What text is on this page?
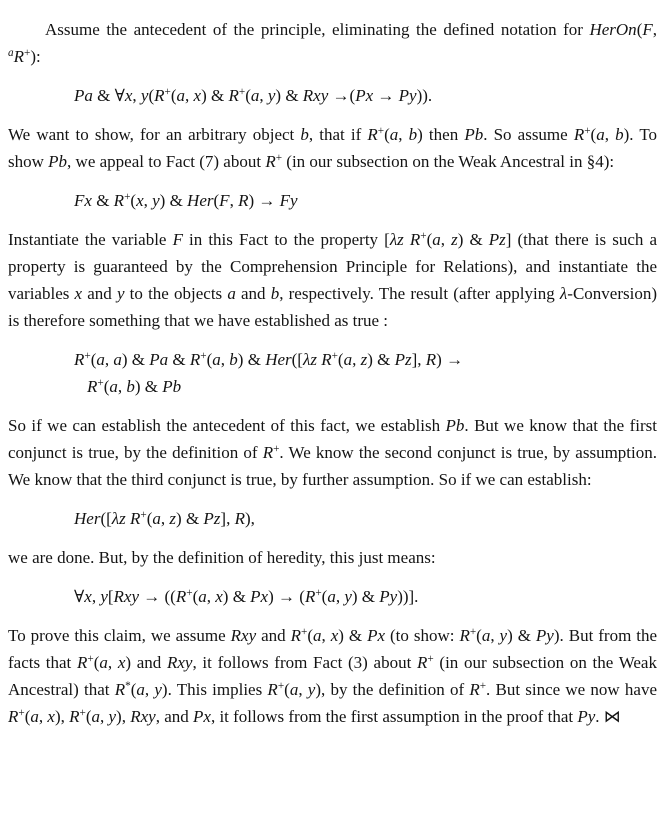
Assume the antecedent of the principle, eliminating the defined notation for HerOn(F, $^a$R+):

Pa & ∀x, y(R+(a, x) & R+(a, y) & Rxy →(Px → Py)).

We want to show, for an arbitrary object b, that if R+(a, b) then Pb. So assume R+(a, b). To show Pb, we appeal to Fact (7) about R+ (in our subsection on the Weak Ancestral in §4):

Fx & R+(x, y) & Her(F, R) → Fy

Instantiate the variable F in this Fact to the property [λz R+(a, z) & Pz] (that there is such a property is guaranteed by the Comprehension Principle for Relations), and instantiate the variables x and y to the objects a and b, respectively. The result (after applying λ-Conversion) is therefore something that we have established as true :

R+(a, a) & Pa & R+(a, b) & Her([λz R+(a, z) & Pz], R) →
R+(a, b) & Pb

So if we can establish the antecedent of this fact, we establish Pb. But we know that the first conjunct is true, by the definition of R+. We know the second conjunct is true, by assumption. We know that the third conjunct is true, by further assumption. So if we can establish:

Her([λz R+(a, z) & Pz], R),

we are done. But, by the definition of heredity, this just means:

∀x, y[Rxy → ((R+(a, x) & Px) → (R+(a, y) & Py))].

To prove this claim, we assume Rxy and R+(a, x) & Px (to show: R+(a, y) & Py). But from the facts that R+(a, x) and Rxy, it follows from Fact (3) about R+ (in our subsection on the Weak Ancestral) that R*(a, y). This implies R+(a, y), by the definition of R+. But since we now have R+(a, x), R+(a, y), Rxy, and Px, it follows from the first assumption in the proof that Py. ⋈
